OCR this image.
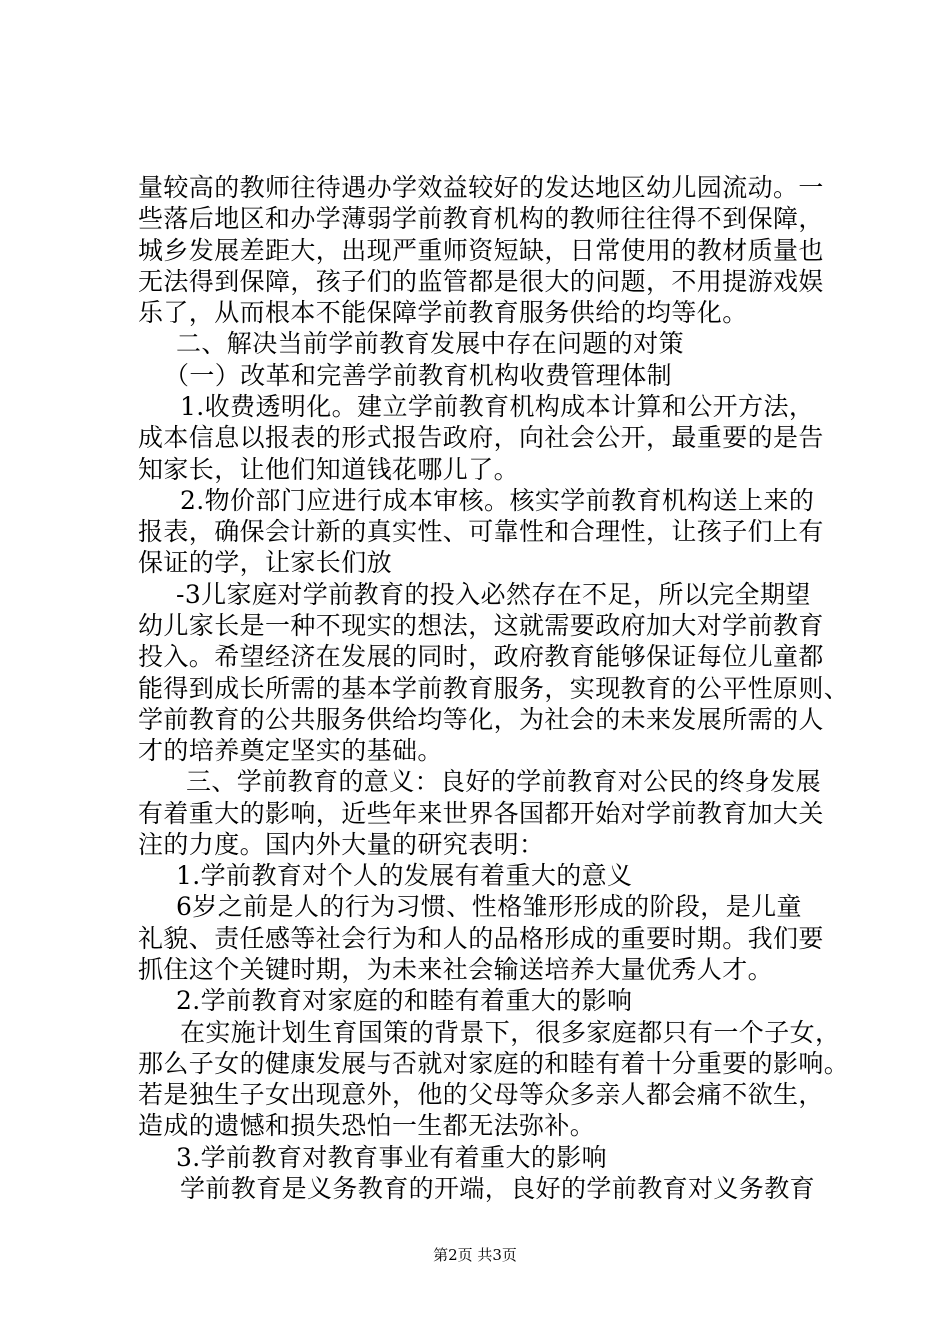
量较高的教师往待遇办学效益较好的发达地区幼儿园流动。一
些落后地区和办学薄弱学前教育机构的教师往往得不到保障，
城乡发展差距大，出现严重师资短缺，日常使用的教材质量也
无法得到保障，孩子们的监管都是很大的问题，不用提游戏娱
乐了，从而根本不能保障学前教育服务供给的均等化。
二、解决当前学前教育发展中存在问题的对策
（一）改革和完善学前教育机构收费管理体制
1.收费透明化。建立学前教育机构成本计算和公开方法，
成本信息以报表的形式报告政府，向社会公开，最重要的是告
知家长，让他们知道钱花哪儿了。
2.物价部门应进行成本审核。核实学前教育机构送上来的
报表，确保会计新的真实性、可靠性和合理性，让孩子们上有
保证的学，让家长们放
-3儿家庭对学前教育的投入必然存在不足，所以完全期望
幼儿家长是一种不现实的想法，这就需要政府加大对学前教育
投入。希望经济在发展的同时，政府教育能够保证每位儿童都
能得到成长所需的基本学前教育服务，实现教育的公平性原则、
学前教育的公共服务供给均等化，为社会的未来发展所需的人
才的培养奠定坚实的基础。
三、学前教育的意义：良好的学前教育对公民的终身发展
有着重大的影响，近些年来世界各国都开始对学前教育加大关
注的力度。国内外大量的研究表明：
1.学前教育对个人的发展有着重大的意义
6岁之前是人的行为习惯、性格雏形形成的阶段，是儿童
礼貌、责任感等社会行为和人的品格形成的重要时期。我们要
抓住这个关键时期，为未来社会输送培养大量优秀人才。
2.学前教育对家庭的和睦有着重大的影响
在实施计划生育国策的背景下，很多家庭都只有一个子女，
那么子女的健康发展与否就对家庭的和睦有着十分重要的影响。
若是独生子女出现意外，他的父母等众多亲人都会痛不欲生，
造成的遗憾和损失恐怕一生都无法弥补。
3.学前教育对教育事业有着重大的影响
学前教育是义务教育的开端，良好的学前教育对义务教育
第2页 共3页
